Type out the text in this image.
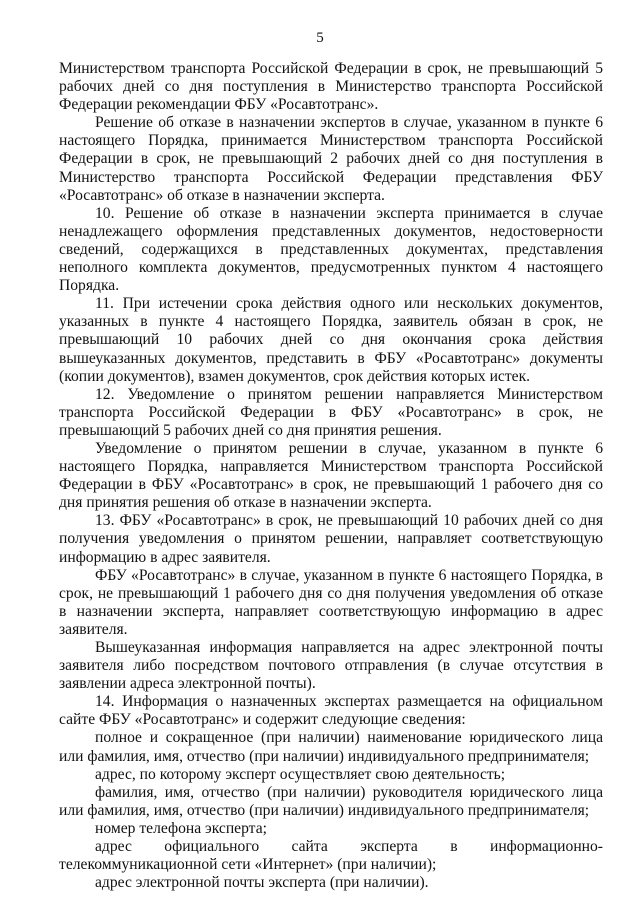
5

Министерством транспорта Российской Федерации в срок, не превышающий 5 рабочих дней со дня поступления в Министерство транспорта Российской Федерации рекомендации ФБУ «Росавтотранс».

Решение об отказе в назначении экспертов в случае, указанном в пункте 6 настоящего Порядка, принимается Министерством транспорта Российской Федерации в срок, не превышающий 2 рабочих дней со дня поступления в Министерство транспорта Российской Федерации представления ФБУ «Росавтотранс» об отказе в назначении эксперта.

10. Решение об отказе в назначении эксперта принимается в случае ненадлежащего оформления представленных документов, недостоверности сведений, содержащихся в представленных документах, представления неполного комплекта документов, предусмотренных пунктом 4 настоящего Порядка.

11. При истечении срока действия одного или нескольких документов, указанных в пункте 4 настоящего Порядка, заявитель обязан в срок, не превышающий 10 рабочих дней со дня окончания срока действия вышеуказанных документов, представить в ФБУ «Росавтотранс» документы (копии документов), взамен документов, срок действия которых истек.

12. Уведомление о принятом решении направляется Министерством транспорта Российской Федерации в ФБУ «Росавтотранс» в срок, не превышающий 5 рабочих дней со дня принятия решения.

Уведомление о принятом решении в случае, указанном в пункте 6 настоящего Порядка, направляется Министерством транспорта Российской Федерации в ФБУ «Росавтотранс» в срок, не превышающий 1 рабочего дня со дня принятия решения об отказе в назначении эксперта.

13. ФБУ «Росавтотранс» в срок, не превышающий 10 рабочих дней со дня получения уведомления о принятом решении, направляет соответствующую информацию в адрес заявителя.

ФБУ «Росавтотранс» в случае, указанном в пункте 6 настоящего Порядка, в срок, не превышающий 1 рабочего дня со дня получения уведомления об отказе в назначении эксперта, направляет соответствующую информацию в адрес заявителя.

Вышеуказанная информация направляется на адрес электронной почты заявителя либо посредством почтового отправления (в случае отсутствия в заявлении адреса электронной почты).

14. Информация о назначенных экспертах размещается на официальном сайте ФБУ «Росавтотранс» и содержит следующие сведения:

полное и сокращенное (при наличии) наименование юридического лица или фамилия, имя, отчество (при наличии) индивидуального предпринимателя;

адрес, по которому эксперт осуществляет свою деятельность;

фамилия, имя, отчество (при наличии) руководителя юридического лица или фамилия, имя, отчество (при наличии) индивидуального предпринимателя;

номер телефона эксперта;

адрес официального сайта эксперта в информационно-телекоммуникационной сети «Интернет» (при наличии);

адрес электронной почты эксперта (при наличии).
